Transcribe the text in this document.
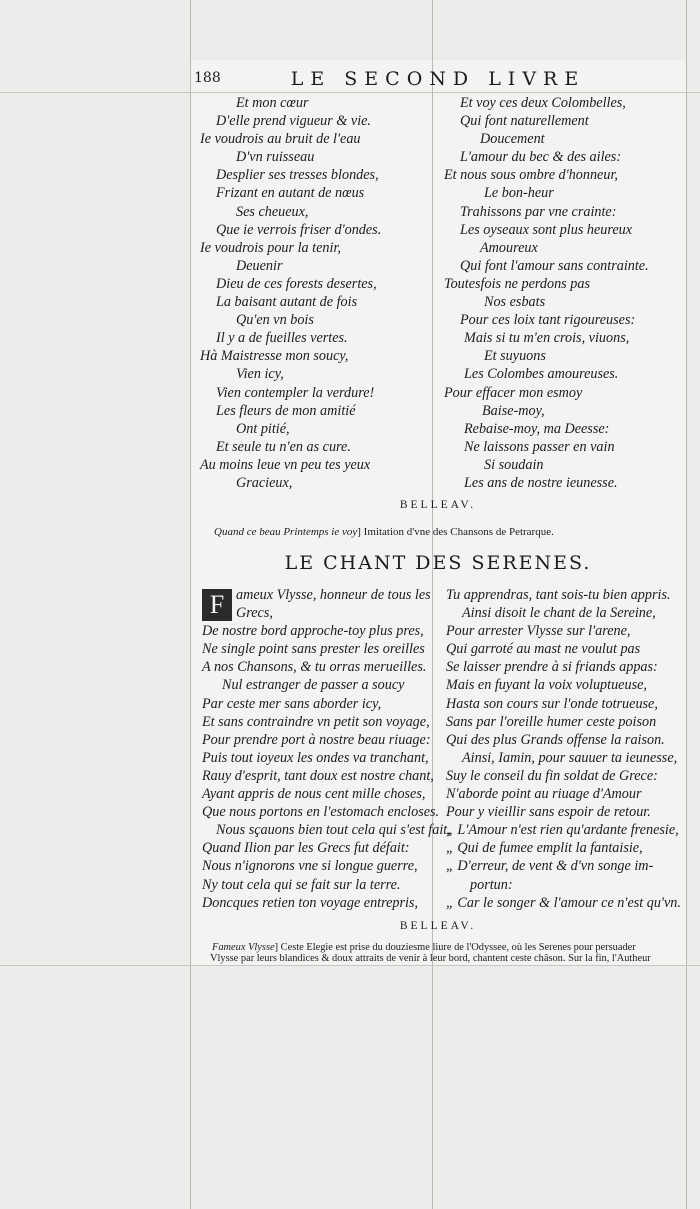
188	LE SECOND LIVRE
Et mon cœur
D'elle prend vigueur & vie.
Ie voudrois au bruit de l'eau
D'vn ruisseau
Desplier ses tresses blondes,
Frizant en autant de nœus
Ses cheueux,
Que ie verrois friser d'ondes.
Ie voudrois pour la tenir,
Deuenir
Dieu de ces forests desertes,
La baisant autant de fois
Qu'en vn bois
Il y a de fueilles vertes.
Hà Maistresse mon soucy,
Vien icy,
Vien contempler la verdure!
Les fleurs de mon amitié
Ont pitié,
Et seule tu n'en as cure.
Au moins leue vn peu tes yeux
Gracieux,
Et voy ces deux Colombelles,
Qui font naturellement
Doucement
L'amour du bec & des ailes:
Et nous sous ombre d'honneur,
Le bon-heur
Trahissons par vne crainte:
Les oyseaux sont plus heureux
Amoureux
Qui font l'amour sans contrainte.
Toutesfois ne perdons pas
Nos esbats
Pour ces loix tant rigoureuses:
Mais si tu m'en crois, viuons,
Et suyuons
Les Colombes amoureuses.
Pour effacer mon esmoy
Baise-moy,
Rebaise-moy, ma Deesse:
Ne laissons passer en vain
Si soudain
Les ans de nostre ieunesse.
BELLEAV.
Quand ce beau Printemps ie voy] Imitation d'vne des Chansons de Petrarque.
LE CHANT DES SERENES.
F ameux Vlysse, honneur de tous les
Grecs,
De nostre bord approche-toy plus pres,
Ne single point sans prester les oreilles
A nos Chansons, & tu orras merueilles.
Nul estranger de passer a soucy
Par ceste mer sans aborder icy,
Et sans contraindre vn petit son voyage,
Pour prendre port à nostre beau riuage:
Puis tout ioyeux les ondes va tranchant,
Rauy d'esprit, tant doux est nostre chant,
Ayant appris de nous cent mille choses,
Que nous portons en l'estomach encloses.
Nous sçauons bien tout cela qui s'est fait,
Quand Ilion par les Grecs fut défait:
Nous n'ignorons vne si longue guerre,
Ny tout cela qui se fait sur la terre.
Doncques retien ton voyage entrepris,
Tu apprendras, tant sois-tu bien appris.
Ainsi disoit le chant de la Sereine,
Pour arrester Vlysse sur l'arene,
Qui garroté au mast ne voulut pas
Se laisser prendre à si friands appas:
Mais en fuyant la voix voluptueuse,
Hasta son cours sur l'onde totrueuse,
Sans par l'oreille humer ceste poison
Qui des plus Grands offense la raison.
Ainsi, Iamin, pour sauuer ta ieunesse,
Suy le conseil du fin soldat de Grece:
N'aborde point au riuage d'Amour
Pour y vieillir sans espoir de retour.
„ L'Amour n'est rien qu'ardante frenesie,
„ Qui de fumee emplit la fantaisie,
„ D'erreur, de vent & d'vn songe im-
portun:
„ Car le songer & l'amour ce n'est qu'vn.
BELLEAV.
Fameux Vlysse] Ceste Elegie est prise du douziesme liure de l'Odyssee, où les Serenes pour persuader
Vlysse par leurs blandices & doux attraits de venir à leur bord, chantent ceste châson. Sur la fin, l'Autheur
